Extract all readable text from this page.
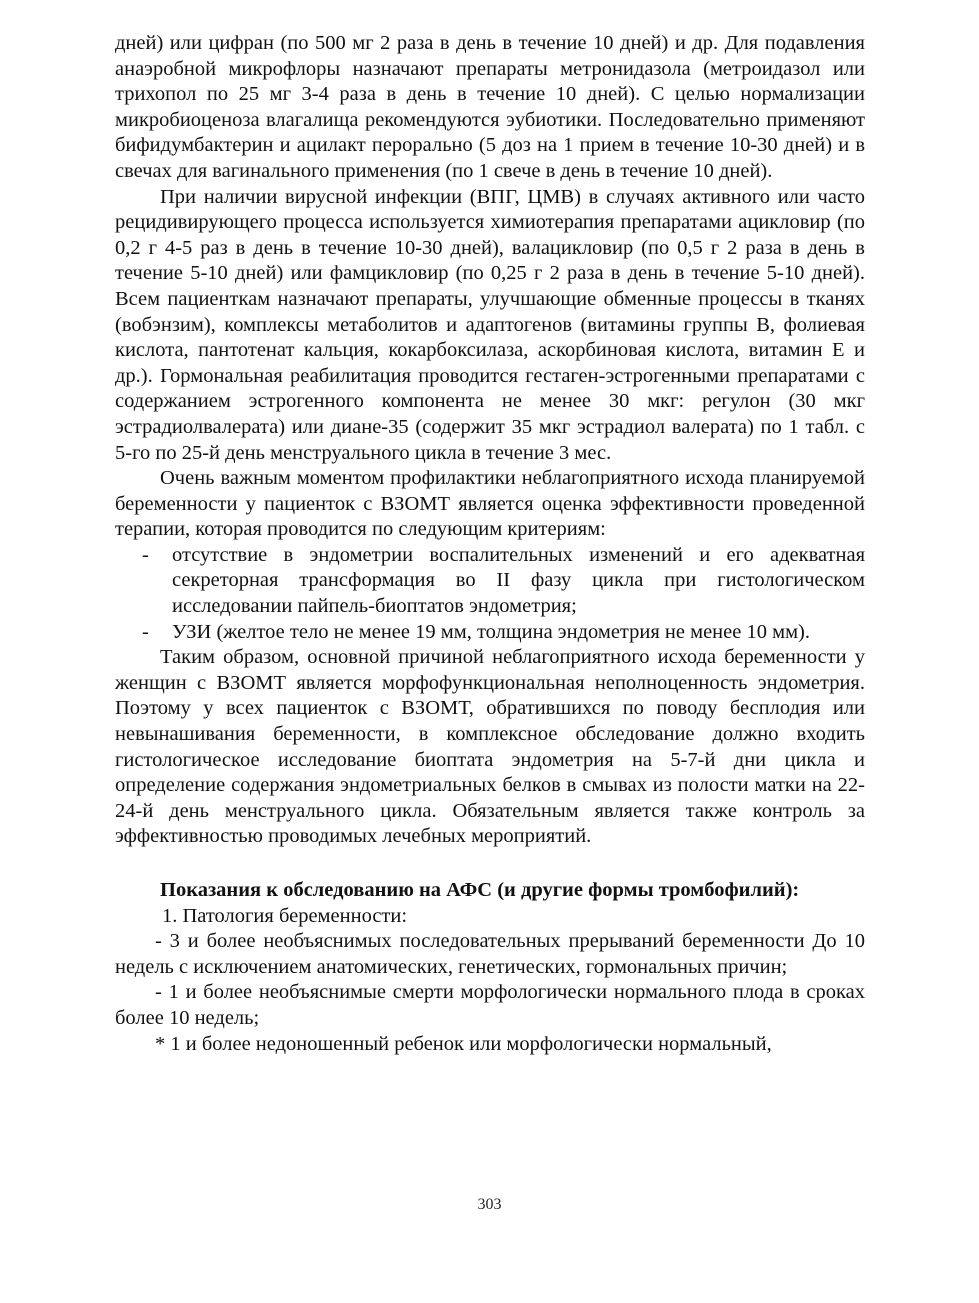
дней) или цифран (по 500 мг 2 раза в день в течение 10 дней) и др. Для подавления анаэробной микрофлоры назначают препараты метронидазола (метроидазол или трихопол по 25 мг 3-4 раза в день в течение 10 дней). С целью нормализации микробиоценоза влагалища рекомендуются эубиотики. Последовательно применяют бифидумбактерин и ацилакт перорально (5 доз на 1 прием в течение 10-30 дней) и в свечах для вагинального применения (по 1 свече в день в течение 10 дней).

При наличии вирусной инфекции (ВПГ, ЦМВ) в случаях активного или часто рецидивирующего процесса используется химиотерапия препаратами ацикловир (по 0,2 г 4-5 раз в день в течение 10-30 дней), валацикловир (по 0,5 г 2 раза в день в течение 5-10 дней) или фамцикловир (по 0,25 г 2 раза в день в течение 5-10 дней). Всем пациенткам назначают препараты, улучшающие обменные процессы в тканях (вобэнзим), комплексы метаболитов и адаптогенов (витамины группы В, фолиевая кислота, пантотенат кальция, кокарбоксилаза, аскорбиновая кислота, витамин Е и др.). Гормональная реабилитация проводится гестаген-эстрогенными препаратами с содержанием эстрогенного компонента не менее 30 мкг: регулон (30 мкг эстрадиолвалерата) или диане-35 (содержит 35 мкг эстрадиол валерата) по 1 табл. с 5-го по 25-й день менструального цикла в течение 3 мес.

Очень важным моментом профилактики неблагоприятного исхода планируемой беременности у пациенток с ВЗОМТ является оценка эффективности проведенной терапии, которая проводится по следующим критериям:

-	отсутствие в эндометрии воспалительных изменений и его адекватная секреторная трансформация во II фазу цикла при гистологическом исследовании пайпель-биоптатов эндометрия;
-	УЗИ (желтое тело не менее 19 мм, толщина эндометрия не менее 10 мм).

Таким образом, основной причиной неблагоприятного исхода беременности у женщин с ВЗОМТ является морфофункциональная неполноценность эндометрия. Поэтому у всех пациенток с ВЗОМТ, обратившихся по поводу бесплодия или невынашивания беременности, в комплексное обследование должно входить гистологическое исследование биоптата эндометрия на 5-7-й дни цикла и определение содержания эндометриальных белков в смывах из полости матки на 22-24-й день менструального цикла. Обязательным является также контроль за эффективностью проводимых лечебных мероприятий.

Показания к обследованию на АФС (и другие формы тромбофилий):

1. Патология беременности:

- 3 и более необъяснимых последовательных прерываний беременности До 10 недель с исключением анатомических, генетических, гормональных причин;

- 1 и более необъяснимые смерти морфологически нормального плода в сроках более 10 недель;

* 1 и более недоношенный ребенок или морфологически нормальный,

303
